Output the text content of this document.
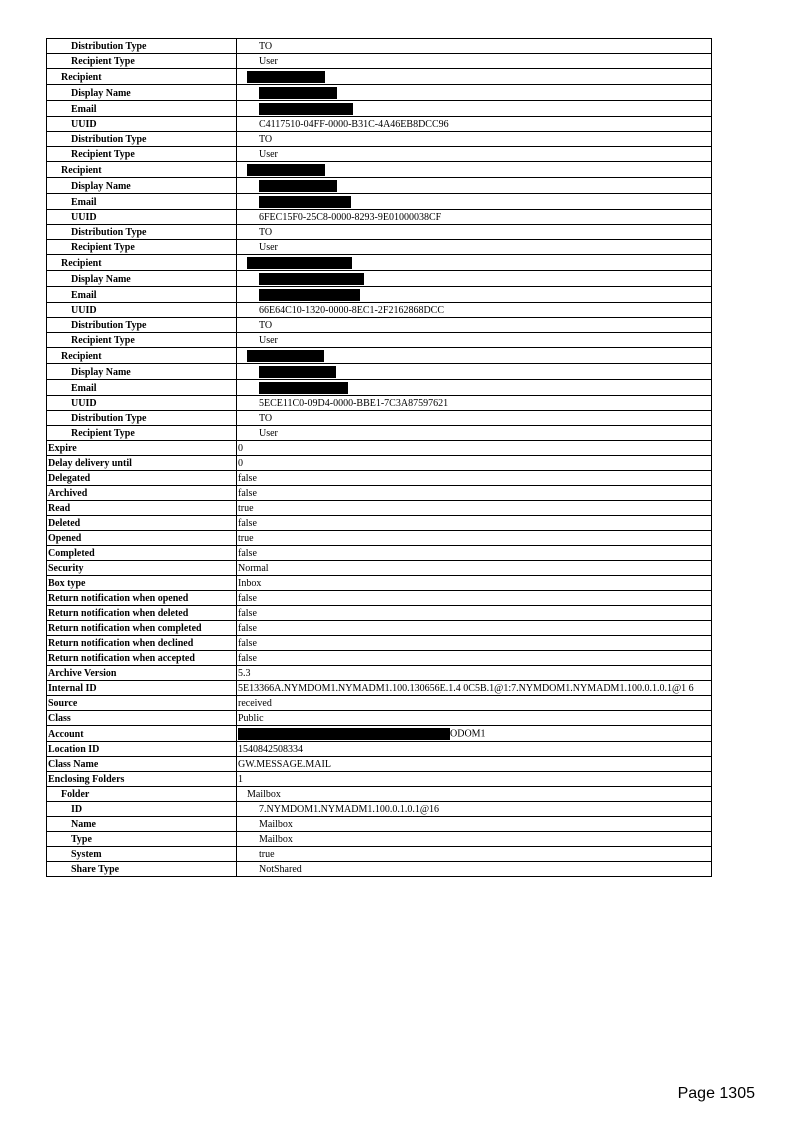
Distribution Type	TO
Recipient Type	User
Recipient	
Display Name	
Email	
UUID	C4117510-04FF-0000-B31C-4A46EB8DCC96
Distribution Type	TO
Recipient Type	User
Recipient	
Display Name	
Email	
UUID	6FEC15F0-25C8-0000-8293-9E01000038CF
Distribution Type	TO
Recipient Type	User
Recipient	
Display Name	
Email	
UUID	66E64C10-1320-0000-8EC1-2F2162868DCC
Distribution Type	TO
Recipient Type	User
Recipient	
Display Name	
Email	
UUID	5ECE11C0-09D4-0000-BBE1-7C3A87597621
Distribution Type	TO
Recipient Type	User
Expire	0
Delay delivery until	0
Delegated	false
Archived	false
Read	true
Deleted	false
Opened	true
Completed	false
Security	Normal
Box type	Inbox
Return notification when opened	false
Return notification when deleted	false
Return notification when completed	false
Return notification when declined	false
Return notification when accepted	false
Archive Version	5.3
Internal ID	5E13366A.NYMDOM1.NYMADM1.100.130656E.1.4 0C5B.1@1:7.NYMDOM1.NYMADM1.100.0.1.0.1@1 6
Source	received
Class	Public
Account	ODOM1
Location ID	1540842508334
Class Name	GW.MESSAGE.MAIL
Enclosing Folders	1
Folder	Mailbox
ID	7.NYMDOM1.NYMADM1.100.0.1.0.1@16
Name	Mailbox
Type	Mailbox
System	true
Share Type	NotShared
Page 1305
